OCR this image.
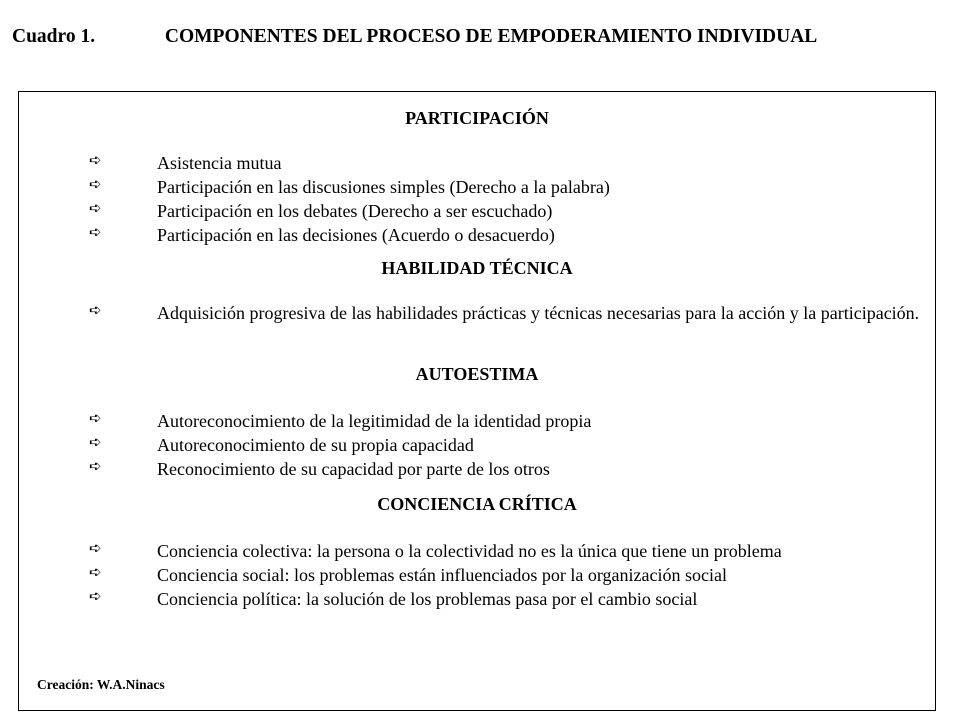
Cuadro 1.	COMPONENTES DEL PROCESO DE EMPODERAMIENTO INDIVIDUAL
PARTICIPACIÓN
➪	Asistencia mutua
➪	Participación en las discusiones simples (Derecho a la palabra)
➪	Participación en los debates (Derecho a ser escuchado)
➪	Participación en las decisiones (Acuerdo o desacuerdo)
HABILIDAD TÉCNICA
➪	Adquisición progresiva de las habilidades prácticas y técnicas necesarias para la acción y la participación.
AUTOESTIMA
➪	Autoreconocimiento de la legitimidad de la identidad propia
➪	Autoreconocimiento de su propia capacidad
➪	Reconocimiento de su capacidad por parte de los otros
CONCIENCIA CRÍTICA
➪	Conciencia colectiva: la persona o la colectividad no es la única que tiene un problema
➪	Conciencia social: los problemas están influenciados por la organización social
➪	Conciencia política: la solución de los problemas pasa por el cambio social
Creación: W.A.Ninacs
